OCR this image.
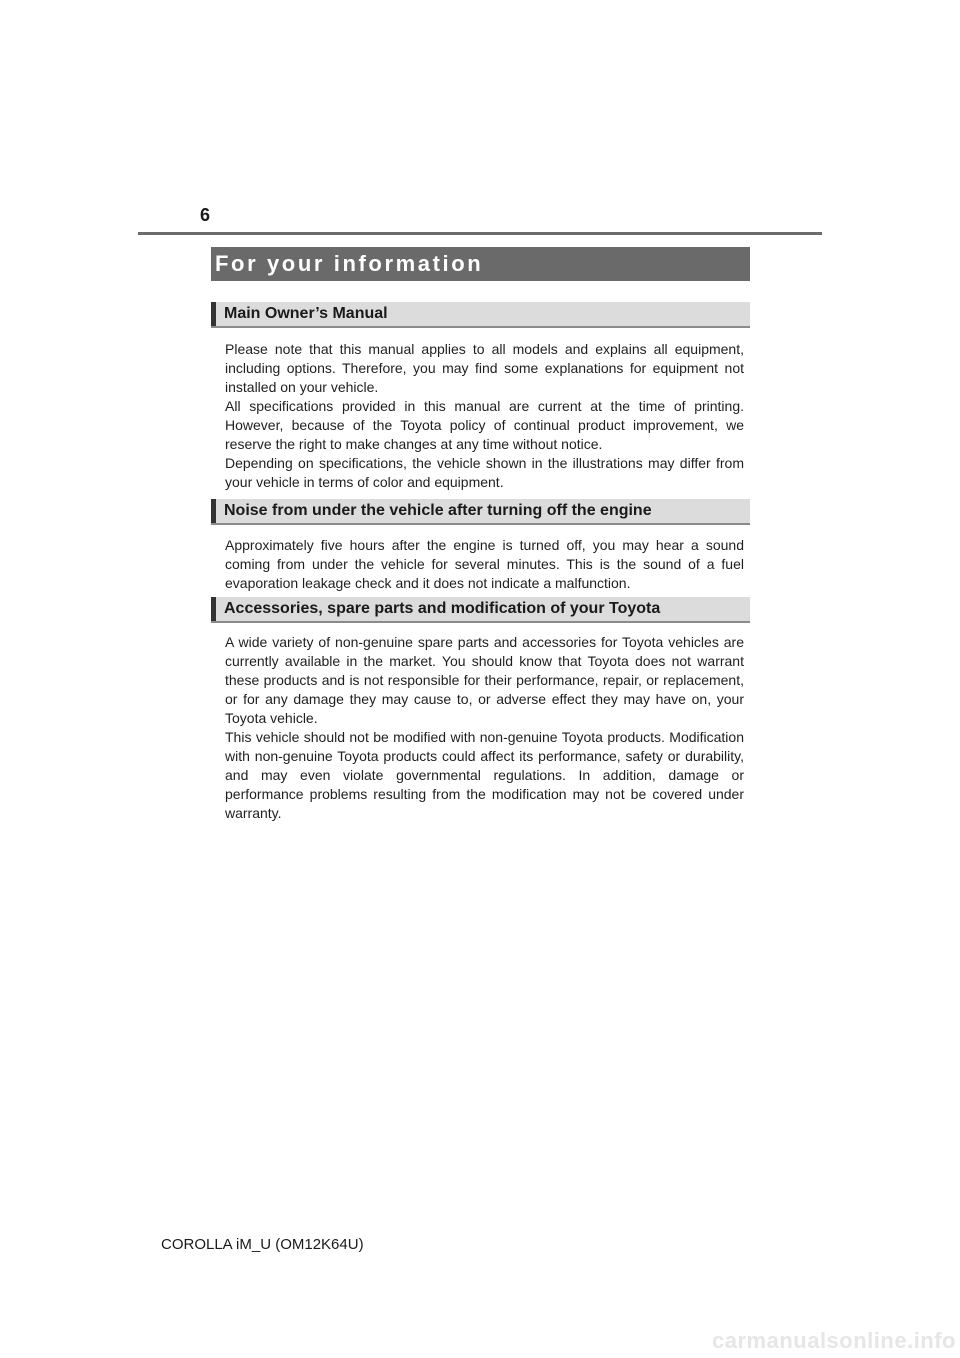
6
For your information
Main Owner’s Manual

Please note that this manual applies to all models and explains all equipment, including options. Therefore, you may find some explanations for equipment not installed on your vehicle.

All specifications provided in this manual are current at the time of printing. However, because of the Toyota policy of continual product improvement, we reserve the right to make changes at any time without notice.

Depending on specifications, the vehicle shown in the illustrations may differ from your vehicle in terms of color and equipment.

Noise from under the vehicle after turning off the engine

Approximately five hours after the engine is turned off, you may hear a sound coming from under the vehicle for several minutes. This is the sound of a fuel evaporation leakage check and it does not indicate a malfunction.

Accessories, spare parts and modification of your Toyota

A wide variety of non-genuine spare parts and accessories for Toyota vehicles are currently available in the market. You should know that Toyota does not warrant these products and is not responsible for their performance, repair, or replacement, or for any damage they may cause to, or adverse effect they may have on, your Toyota vehicle.

This vehicle should not be modified with non-genuine Toyota products. Modification with non-genuine Toyota products could affect its performance, safety or durability, and may even violate governmental regulations. In addition, damage or performance problems resulting from the modification may not be covered under warranty.

COROLLA iM_U (OM12K64U)
carmanualsonline.info
